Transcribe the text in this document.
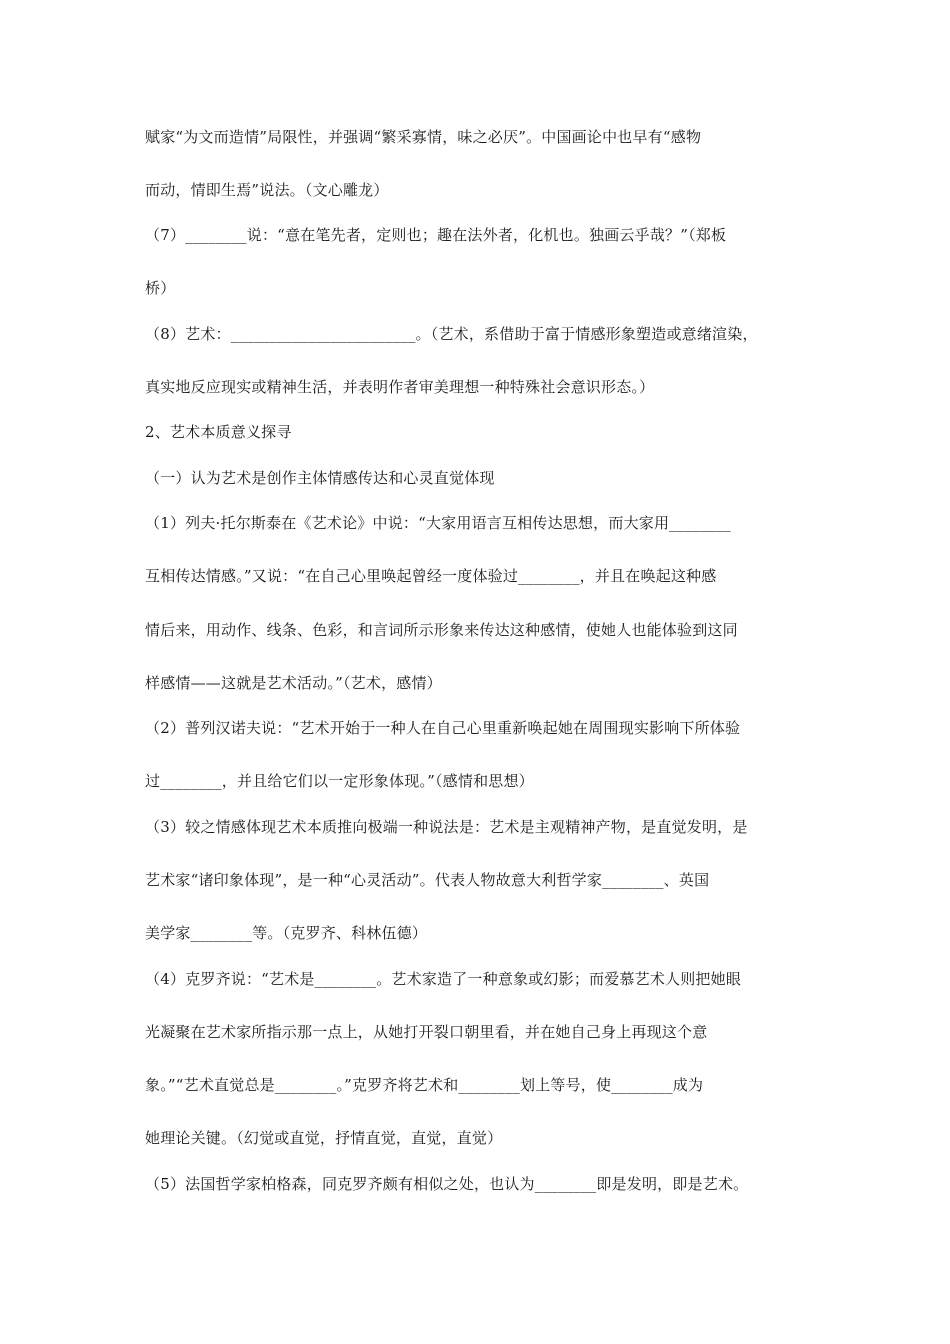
赋家“为文而造情”局限性，并强调“繁采寡情，味之必厌”。中国画论中也早有“感物
而动，情即生焉”说法。（文心雕龙）
（7）________说：“意在笔先者，定则也；趣在法外者，化机也。独画云乎哉？”（郑板
桥）
（8）艺术：________________________。（艺术，系借助于富于情感形象塑造或意绪渲染，
真实地反应现实或精神生活，并表明作者审美理想一种特殊社会意识形态。）
2、艺术本质意义探寻
（一）认为艺术是创作主体情感传达和心灵直觉体现
（1）列夫·托尔斯泰在《艺术论》中说：“大家用语言互相传达思想，而大家用________
互相传达情感。”又说：“在自己心里唤起曾经一度体验过________，并且在唤起这种感
情后来，用动作、线条、色彩，和言词所示形象来传达这种感情，使她人也能体验到这同
样感情——这就是艺术活动。”（艺术，感情）
（2）普列汉诺夫说：“艺术开始于一种人在自己心里重新唤起她在周围现实影响下所体验
过________，并且给它们以一定形象体现。”（感情和思想）
（3）较之情感体现艺术本质推向极端一种说法是：艺术是主观精神产物，是直觉发明，是
艺术家“诸印象体现”，是一种“心灵活动”。代表人物故意大利哲学家________、英国
美学家________等。（克罗齐、科林伍德）
（4）克罗齐说：“艺术是________。艺术家造了一种意象或幻影；而爱慕艺术人则把她眼
光凝聚在艺术家所指示那一点上，从她打开裂口朝里看，并在她自己身上再现这个意
象。”“艺术直觉总是________。”克罗齐将艺术和________划上等号，使________成为
她理论关键。（幻觉或直觉，抒情直觉，直觉，直觉）
（5）法国哲学家柏格森，同克罗齐颇有相似之处，也认为________即是发明，即是艺术。
